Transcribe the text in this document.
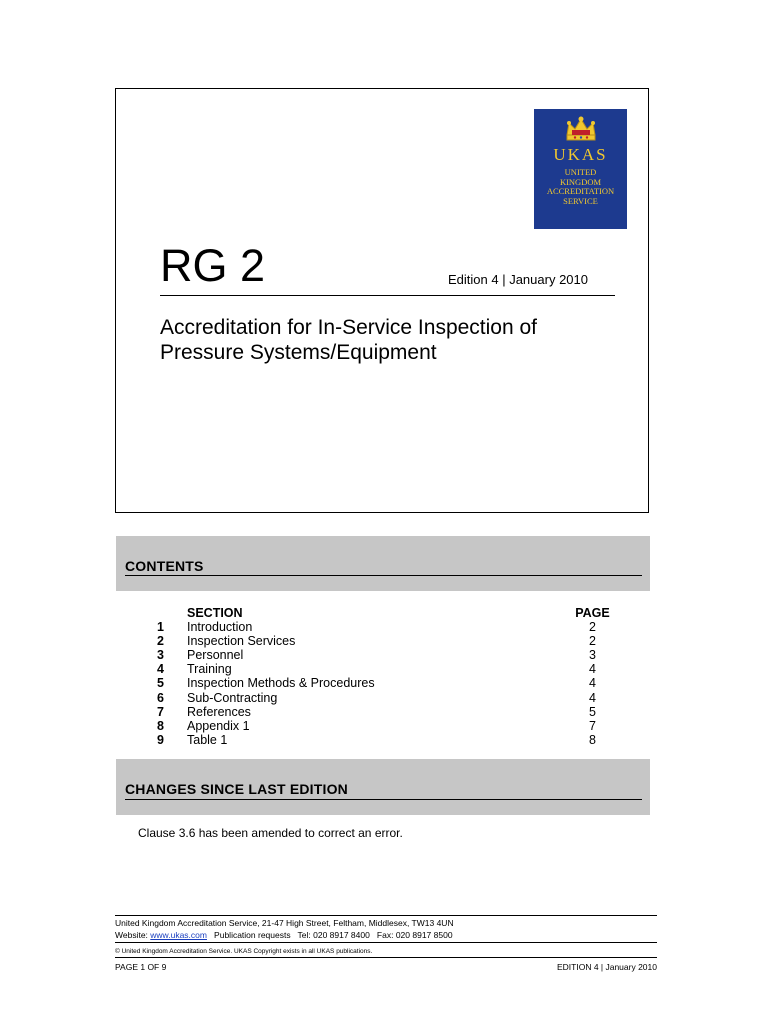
UKAS
UNITED
KINGDOM
ACCREDITATION
SERVICE
RG 2	Edition 4 | January 2010

Accreditation for In-Service Inspection of Pressure Systems/Equipment

CONTENTS
SECTION	PAGE
1 Introduction	2
2 Inspection Services	2
3 Personnel	3
4 Training	4
5 Inspection Methods & Procedures	4
6 Sub-Contracting	4
7 References	5
8 Appendix 1	7
9 Table 1	8
CHANGES SINCE LAST EDITION
Clause 3.6 has been amended to correct an error.
United Kingdom Accreditation Service, 21-47 High Street, Feltham, Middlesex, TW13 4UN
Website: www.ukas.com   Publication requests   Tel: 020 8917 8400   Fax: 020 8917 8500
© United Kingdom Accreditation Service. UKAS Copyright exists in all UKAS publications.
PAGE 1 OF 9	EDITION 4 | January 2010
